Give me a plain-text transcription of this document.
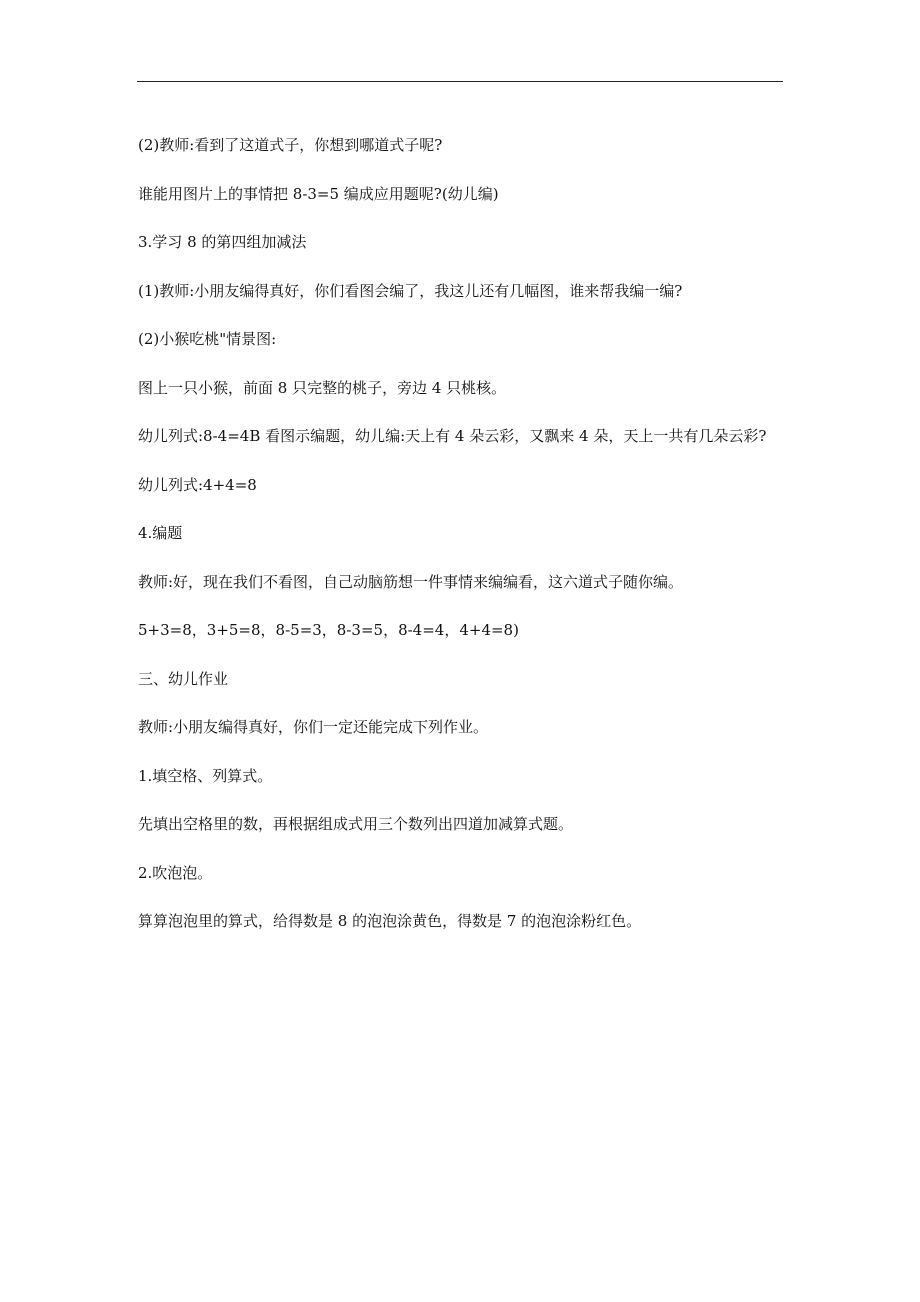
(2)教师:看到了这道式子，你想到哪道式子呢?

谁能用图片上的事情把 8-3=5 编成应用题呢?(幼儿编)

3.学习 8 的第四组加减法

(1)教师:小朋友编得真好，你们看图会编了，我这儿还有几幅图，谁来帮我编一编?

(2)小猴吃桃"情景图:

图上一只小猴，前面 8 只完整的桃子，旁边 4 只桃核。

幼儿列式:8-4=4B 看图示编题，幼儿编:天上有 4 朵云彩，又飘来 4 朵，天上一共有几朵云彩?

幼儿列式:4+4=8

4.编题

教师:好，现在我们不看图，自己动脑筋想一件事情来编编看，这六道式子随你编。

5+3=8，3+5=8，8-5=3，8-3=5，8-4=4，4+4=8)

三、幼儿作业

教师:小朋友编得真好，你们一定还能完成下列作业。

1.填空格、列算式。

先填出空格里的数，再根据组成式用三个数列出四道加减算式题。

2.吹泡泡。

算算泡泡里的算式，给得数是 8 的泡泡涂黄色，得数是 7 的泡泡涂粉红色。
